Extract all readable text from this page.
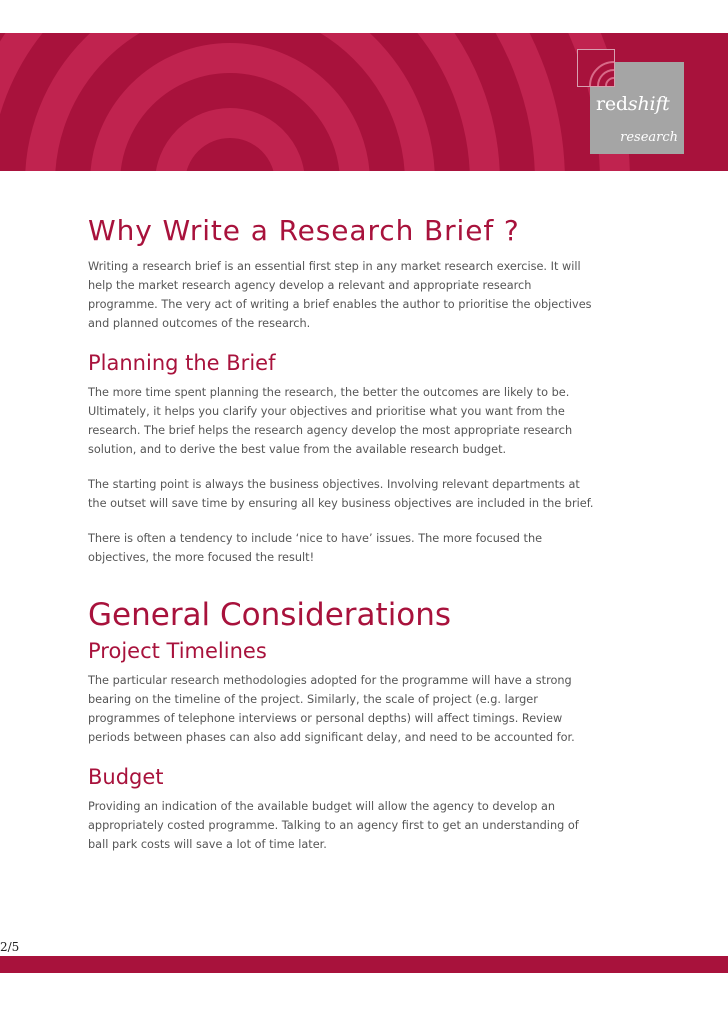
redshift
research
Why Write a Research Brief ?

Writing a research brief is an essential first step in any market research exercise. It will help the market research agency develop a relevant and appropriate research programme. The very act of writing a brief enables the author to prioritise the objectives and planned outcomes of the research.

Planning the Brief

The more time spent planning the research, the better the outcomes are likely to be. Ultimately, it helps you clarify your objectives and prioritise what you want from the research. The brief helps the research agency develop the most appropriate research solution, and to derive the best value from the available research budget.

The starting point is always the business objectives. Involving relevant departments at the outset will save time by ensuring all key business objectives are included in the brief.

There is often a tendency to include ‘nice to have’ issues. The more focused the objectives, the more focused the result!

General Considerations
Project Timelines

The particular research methodologies adopted for the programme will have a strong bearing on the timeline of the project. Similarly, the scale of project (e.g. larger programmes of telephone interviews or personal depths) will affect timings. Review periods between phases can also add significant delay, and need to be accounted for.

Budget

Providing an indication of the available budget will allow the agency to develop an appropriately costed programme. Talking to an agency first to get an understanding of ball park costs will save a lot of time later.

2/5
